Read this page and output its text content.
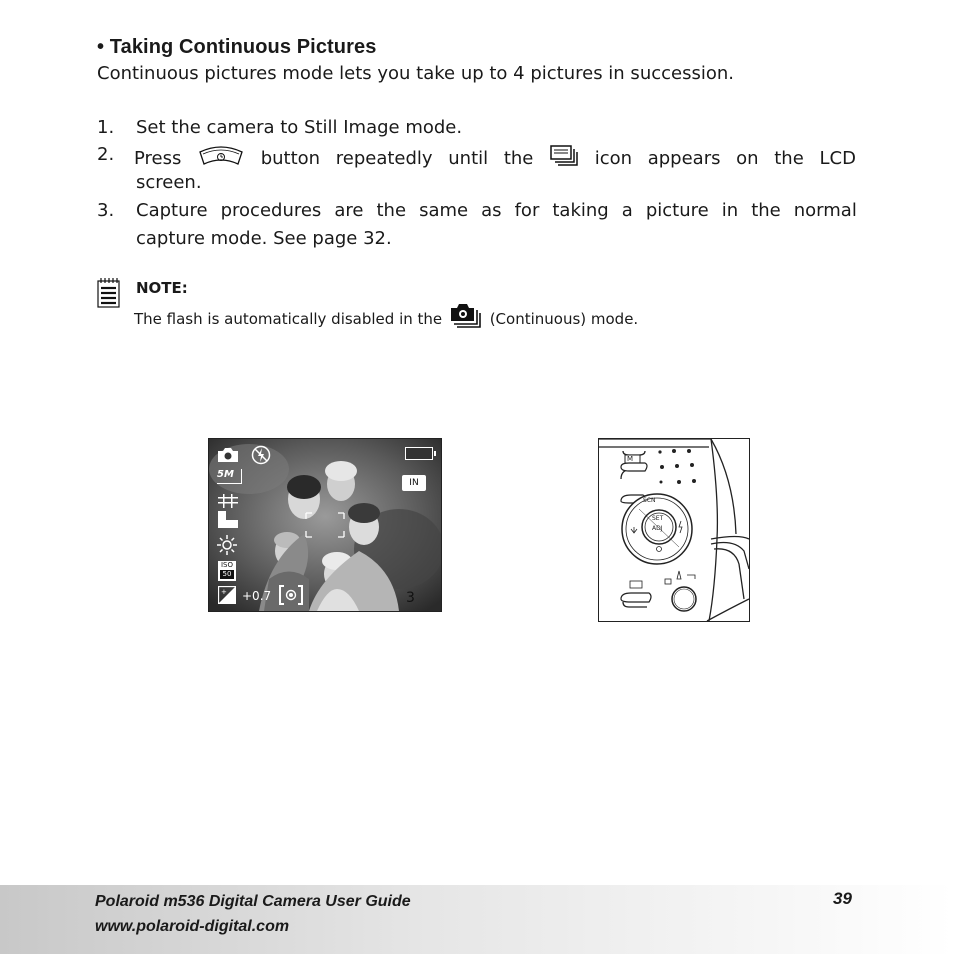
• Taking Continuous Pictures
Continuous pictures mode lets you take up to 4 pictures in succession.
1. Set the camera to Still Image mode.
2. Press	button repeatedly until the	icon appears on the LCD
screen.
3. Capture procedures are the same as for taking a picture in the normal
capture mode. See page 32.
NOTE:
The flash is automatically disabled in the	(Continuous) mode.
IN
5M
ISO
50
+ +0.7	3
M
SCN
SET
ADJ
Polaroid m536 Digital Camera User Guide
www.polaroid-digital.com
39
